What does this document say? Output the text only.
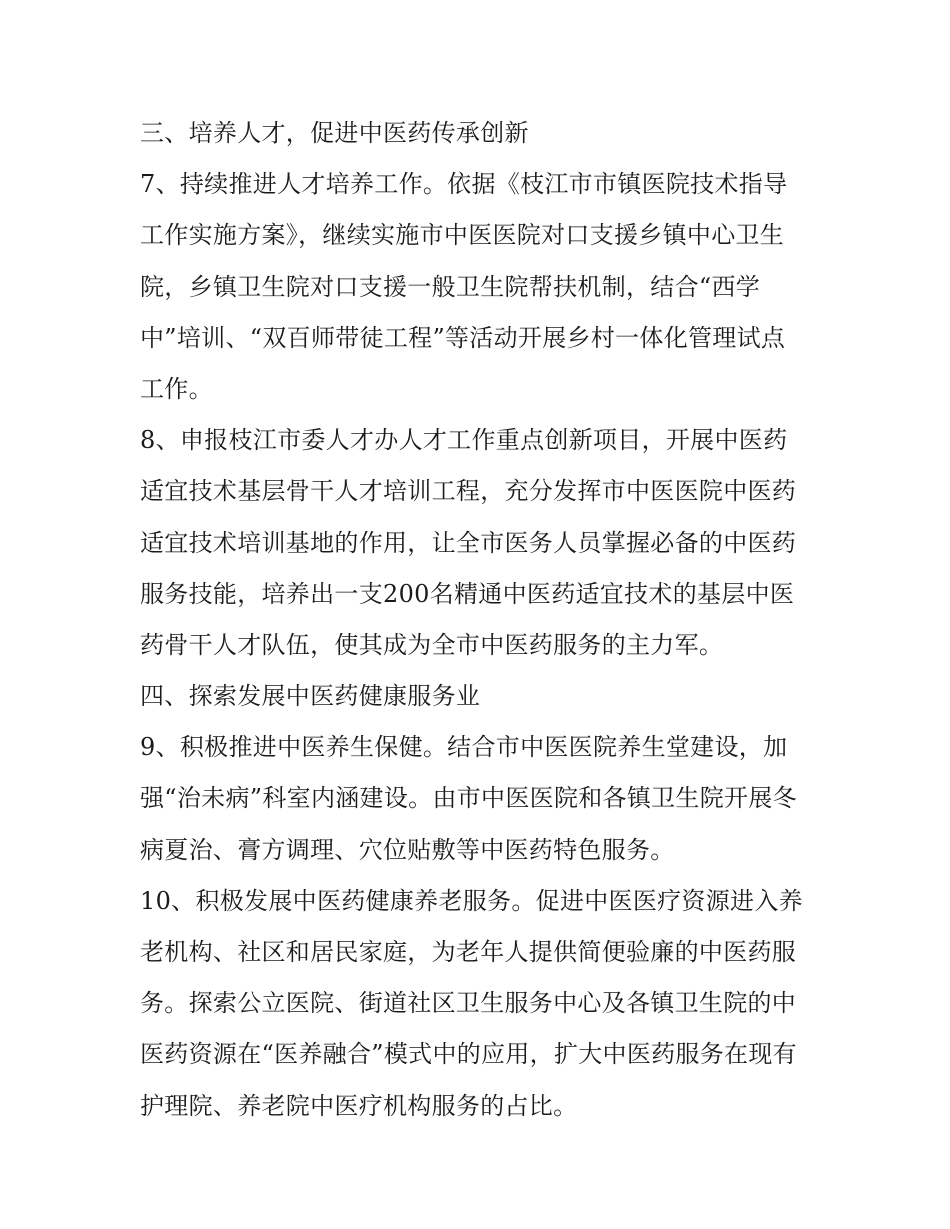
三、培养人才，促进中医药传承创新
7、持续推进人才培养工作。依据《枝江市市镇医院技术指导
工作实施方案》，继续实施市中医医院对口支援乡镇中心卫生
院，乡镇卫生院对口支援一般卫生院帮扶机制，结合“西学
中”培训、“双百师带徒工程”等活动开展乡村一体化管理试点
工作。
8、申报枝江市委人才办人才工作重点创新项目，开展中医药
适宜技术基层骨干人才培训工程，充分发挥市中医医院中医药
适宜技术培训基地的作用，让全市医务人员掌握必备的中医药
服务技能，培养出一支200名精通中医药适宜技术的基层中医
药骨干人才队伍，使其成为全市中医药服务的主力军。
四、探索发展中医药健康服务业
9、积极推进中医养生保健。结合市中医医院养生堂建设，加
强“治未病”科室内涵建设。由市中医医院和各镇卫生院开展冬
病夏治、膏方调理、穴位贴敷等中医药特色服务。
10、积极发展中医药健康养老服务。促进中医医疗资源进入养
老机构、社区和居民家庭，为老年人提供简便验廉的中医药服
务。探索公立医院、街道社区卫生服务中心及各镇卫生院的中
医药资源在“医养融合”模式中的应用，扩大中医药服务在现有
护理院、养老院中医疗机构服务的占比。
